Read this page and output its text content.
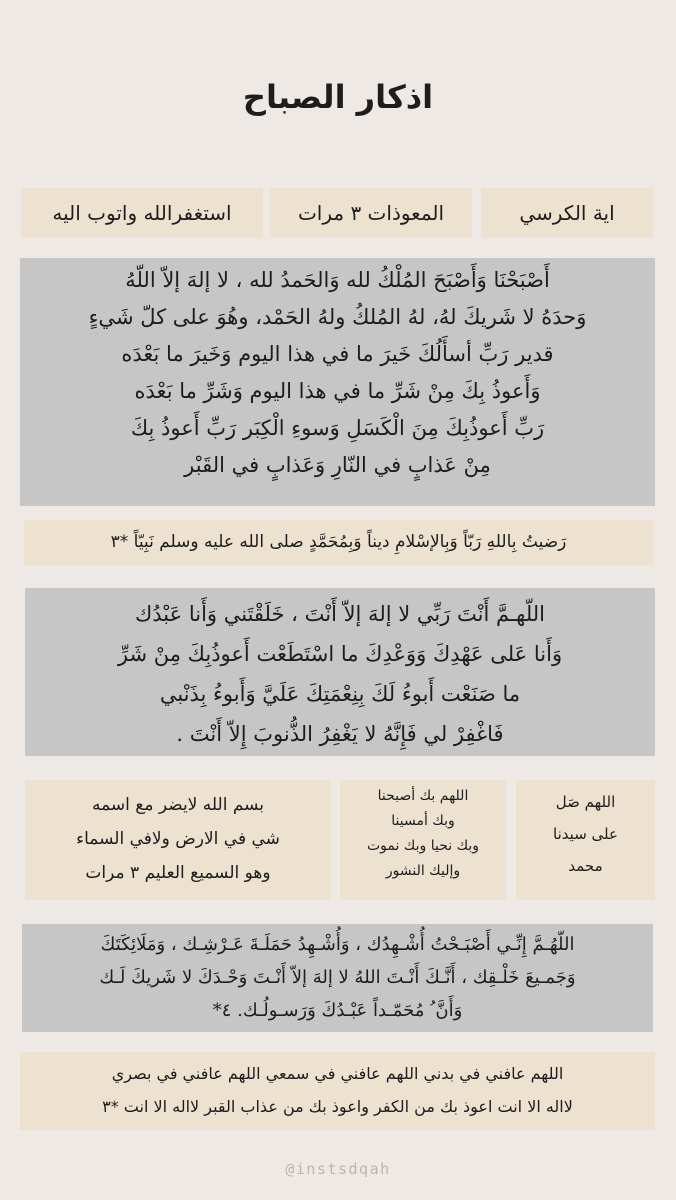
اذكار الصباح
استغفرالله واتوب اليه	المعوذات ٣ مرات	اية الكرسي

أَصْبَحْنَا وَأَصْبَحَ المُلْكُ لله وَالحَمدُ لله ، لا إلهَ إلاّ اللّهُ

وَحدَهُ لا شَريكَ لهُ، لهُ المُلكُ ولهُ الحَمْد، وهُوَ على كلّ شَيءٍ

قدير رَبِّ أسأَلُكَ خَيرَ ما في هذا اليوم وَخَيرَ ما بَعْدَه

وَأَعوذُ بِكَ مِنْ شَرِّ ما في هذا اليوم وَشَرِّ ما بَعْدَه

رَبِّ أَعوذُبِكَ مِنَ الْكَسَلِ وَسوءِ الْكِبَر رَبِّ أَعوذُ بِكَ

مِنْ عَذابٍ في النّارِ وَعَذابٍ في القَبْر

رَضيتُ بِاللهِ رَبّاً وَبِالإسْلامِ ديناً وَبِمُحَمَّدٍ صلى الله عليه وسلم نَبِيّاً *٣

اللّهـمَّ أَنْتَ رَبِّي لا إلهَ إلاّ أَنْتَ ، خَلَقْتَني وَأَنا عَبْدُك

وَأَنا عَلى عَهْدِكَ وَوَعْدِكَ ما اسْتَطَعْت أَعوذُبِكَ مِنْ شَرِّ

ما صَنَعْت أَبوءُ لَكَ بِنِعْمَتِكَ عَلَيَّ وَأَبوءُ بِذَنْبي

فَاغْفِرْ لي فَإِنَّهُ لا يَغْفِرُ الذُّنوبَ إِلاّ أَنْتَ .

بسم الله لايضر مع اسمه

شي في الارض ولافي السماء

وهو السميع العليم ٣ مرات

اللهم بك أصبحنا

وبك أمسينا

وبك نحيا وبك نموت

وإليك النشور

اللهم صَل

على سيدنا

محمد

اللّهُـمَّ إِنِّـي أَصْبَـحْتُ أُشْـهِدُك ، وَأُشْـهِدُ حَمَلَـةَ عَـرْشِـك ، وَمَلَائِكَتَكَ

وَجَمـيعَ خَلْـقِك ، أَنَّـكَ أَنْـتَ اللهُ لا إلهَ إلاّ أَنْـتَ وَحْـدَكَ لا شَريكَ لَـك

وَأَنَّ ُ مُحَمّـداً عَبْـدُكَ وَرَسـولُـك. ٤*

اللهم عافني في بدني اللهم عافني في سمعي اللهم عافني في بصري

لااله الا انت اعوذ بك من الكفر واعوذ بك من عذاب القبر لااله الا انت *٣

@instsdqah
